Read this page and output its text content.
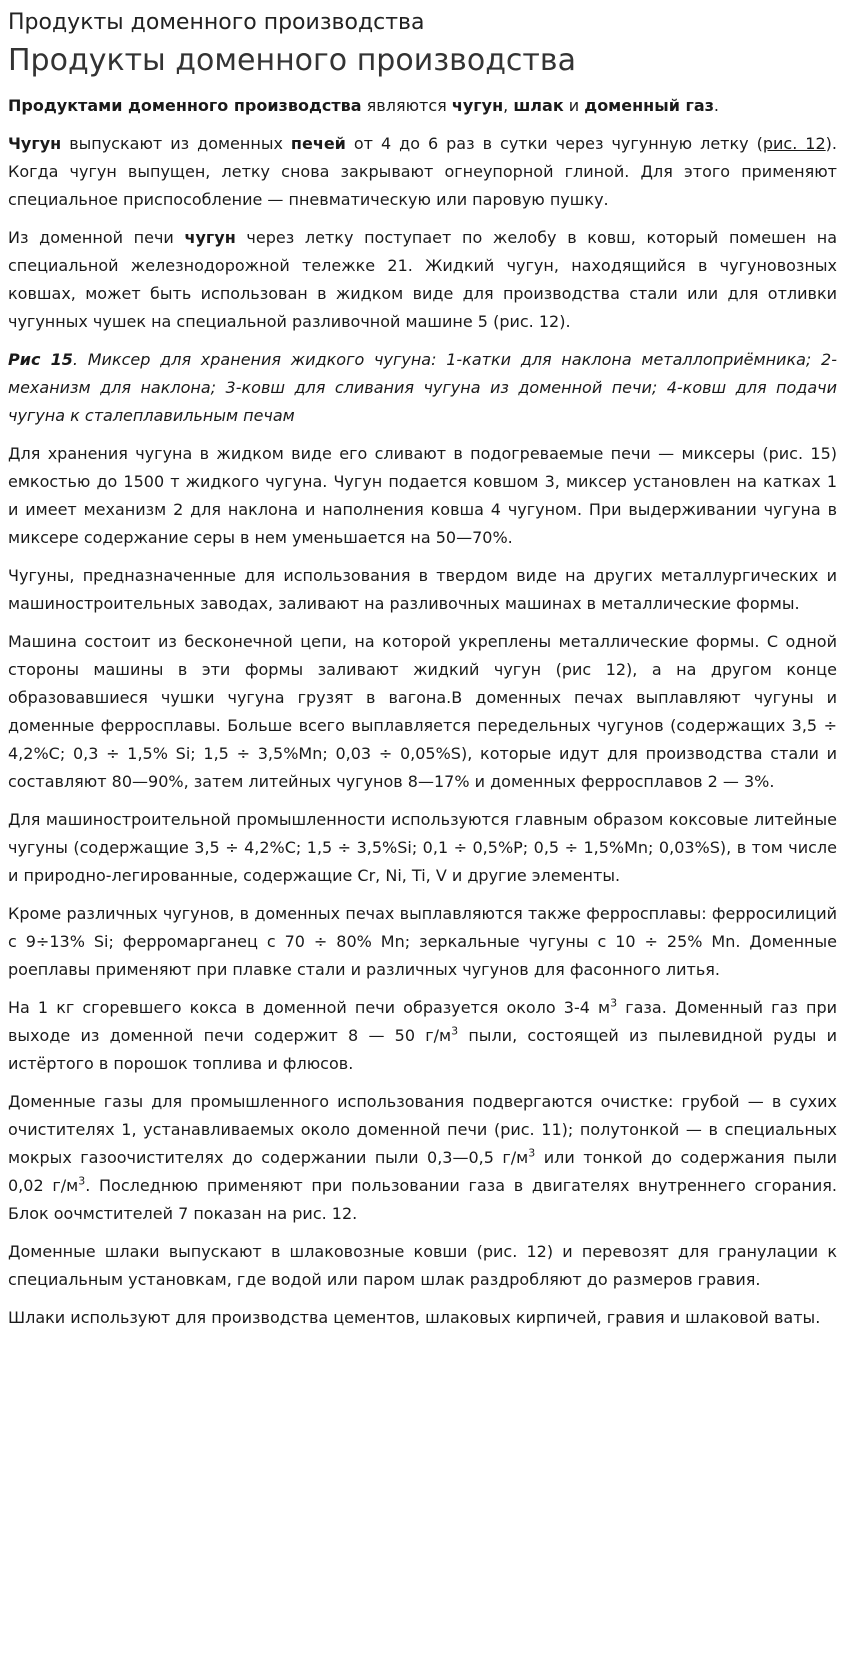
Продукты доменного производства
Продукты доменного производства

Продуктами доменного производства являются чугун, шлак и доменный газ.

Чугун выпускают из доменных печей от 4 до 6 раз в сутки через чугунную летку (рис. 12). Когда чугун выпущен, летку снова закрывают огнеупорной глиной. Для этого применяют специальное приспособление — пневматическую или паровую пушку.

Из доменной печи чугун через летку поступает по желобу в ковш, который помешен на специальной железнодорожной тележке 21. Жидкий чугун, находящийся в чугуновозных ковшах, может быть использован в жидком виде для производства стали или для отливки чугунных чушек на специальной разливочной машине 5 (рис. 12).

Рис 15. Миксер для хранения жидкого чугуна: 1-катки для наклона металлоприёмника; 2-механизм для наклона; 3-ковш для сливания чугуна из доменной печи; 4-ковш для подачи чугуна к сталеплавильным печам

Для хранения чугуна в жидком виде его сливают в подогреваемые печи — миксеры (рис. 15) емкостью до 1500 т жидкого чугуна. Чугун подается ковшом 3, миксер установлен на катках 1 и имеет механизм 2 для наклона и наполнения ковша 4 чугуном. При выдерживании чугуна в миксере содержание серы в нем уменьшается на 50—70%.

Чугуны, предназначенные для использования в твердом виде на других металлургических и машиностроительных заводах, заливают на разливочных машинах в металлические формы.

Машина состоит из бесконечной цепи, на которой укреплены металлические формы. С одной стороны машины в эти формы заливают жидкий чугун (рис 12), а на другом конце образовавшиеся чушки чугуна грузят в вагона.В доменных печах выплавляют чугуны и доменные ферросплавы. Больше всего выплавляется передельных чугунов (содержащих 3,5 ÷ 4,2%C; 0,3 ÷ 1,5% Si; 1,5 ÷ 3,5%Mn; 0,03 ÷ 0,05%S), которые идут для производства стали и составляют 80—90%, затем литейных чугунов 8—17% и доменных ферросплавов 2 — 3%.

Для машиностроительной промышленности используются главным образом коксовые литейные чугуны (содержащие 3,5 ÷ 4,2%C; 1,5 ÷ 3,5%Si; 0,1 ÷ 0,5%P; 0,5 ÷ 1,5%Mn; 0,03%S), в том числе и природно-легированные, содержащие Cr, Ni, Ti, V и другие элементы.

Кроме различных чугунов, в доменных печах выплавляются также ферросплавы: ферросилиций с 9÷13% Si; ферромарганец с 70 ÷ 80% Mn; зеркальные чугуны с 10 ÷ 25% Mn. Доменные роеплавы применяют при плавке стали и различных чугунов для фасонного литья.

На 1 кг сгоревшего кокса в доменной печи образуется около 3-4 $м^3$ газа. Доменный газ при выходе из доменной печи содержит 8 — 50 $г/м^3$ пыли, состоящей из пылевидной руды и истёртого в порошок топлива и флюсов.

Доменные газы для промышленного использования подвергаются очистке: грубой — в сухих очистителях 1, устанавливаемых около доменной печи (рис. 11); полутонкой — в специальных мокрых газоочистителях до содержании пыли 0,3—0,5 $г/м^3$ или тонкой до содержания пыли 0,02 $г/м^3$. Последнюю применяют при пользовании газа в двигателях внутреннего сгорания. Блок оочмстителей 7 показан на рис. 12.

Доменные шлаки выпускают в шлаковозные ковши (рис. 12) и перевозят для гранулации к специальным установкам, где водой или паром шлак раздробляют до размеров гравия.

Шлаки используют для производства цементов, шлаковых кирпичей, гравия и шлаковой ваты.
